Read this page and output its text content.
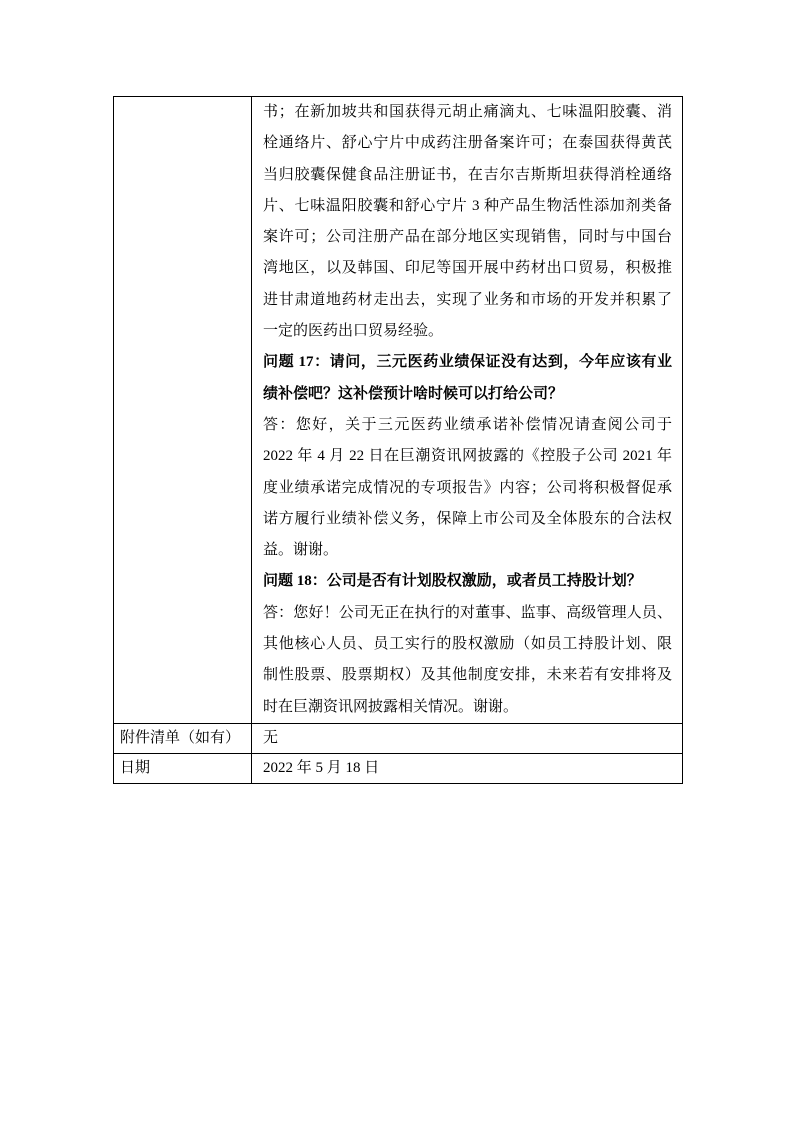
书；在新加坡共和国获得元胡止痛滴丸、七味温阳胶囊、消
栓通络片、舒心宁片中成药注册备案许可；在泰国获得黄芪
当归胶囊保健食品注册证书，在吉尔吉斯斯坦获得消栓通络
片、七味温阳胶囊和舒心宁片 3 种产品生物活性添加剂类备
案许可；公司注册产品在部分地区实现销售，同时与中国台
湾地区，以及韩国、印尼等国开展中药材出口贸易，积极推
进甘肃道地药材走出去，实现了业务和市场的开发并积累了
一定的医药出口贸易经验。
问题 17：请问，三元医药业绩保证没有达到，今年应该有业
绩补偿吧？这补偿预计啥时候可以打给公司？
答：您好，关于三元医药业绩承诺补偿情况请查阅公司于
2022 年 4 月 22 日在巨潮资讯网披露的《控股子公司 2021 年
度业绩承诺完成情况的专项报告》内容；公司将积极督促承
诺方履行业绩补偿义务，保障上市公司及全体股东的合法权
益。谢谢。
问题 18：公司是否有计划股权激励，或者员工持股计划？
答：您好！公司无正在执行的对董事、监事、高级管理人员、
其他核心人员、员工实行的股权激励（如员工持股计划、限
制性股票、股票期权）及其他制度安排，未来若有安排将及
时在巨潮资讯网披露相关情况。谢谢。

附件清单（如有）	无
日期	2022 年 5 月 18 日
